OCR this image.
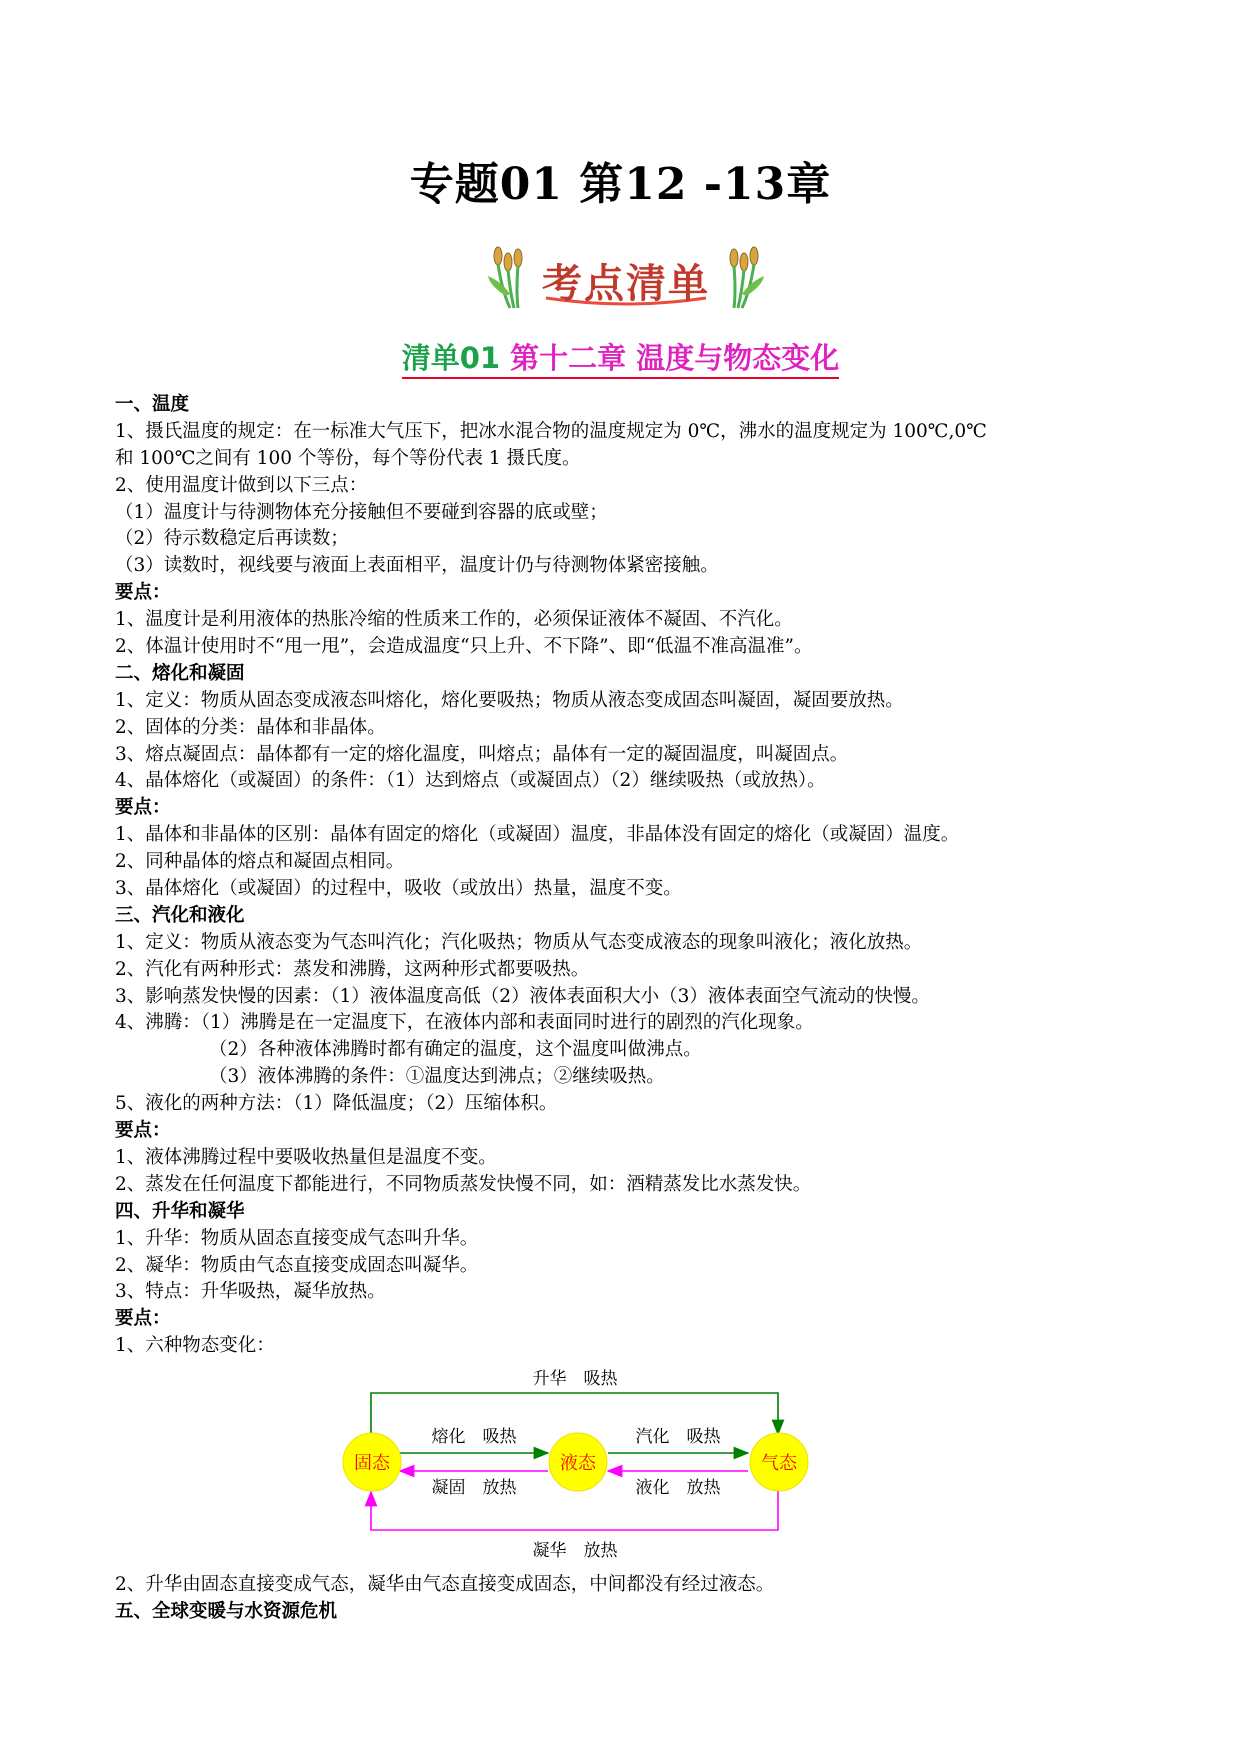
专题01 第12 -13章
考点清单
清单01 第十二章 温度与物态变化
一、温度
1、摄氏温度的规定：在一标准大气压下，把冰水混合物的温度规定为 0℃，沸水的温度规定为 100℃,0℃
和 100℃之间有 100 个等份，每个等份代表 1 摄氏度。
2、使用温度计做到以下三点：
（1）温度计与待测物体充分接触但不要碰到容器的底或壁；
（2）待示数稳定后再读数；
（3）读数时，视线要与液面上表面相平，温度计仍与待测物体紧密接触。
要点：
1、温度计是利用液体的热胀冷缩的性质来工作的，必须保证液体不凝固、不汽化。
2、体温计使用时不“甩一甩”，会造成温度“只上升、不下降”、即“低温不准高温准”。
二、熔化和凝固
1、定义：物质从固态变成液态叫熔化，熔化要吸热；物质从液态变成固态叫凝固，凝固要放热。
2、固体的分类：晶体和非晶体。
3、熔点凝固点：晶体都有一定的熔化温度，叫熔点；晶体有一定的凝固温度，叫凝固点。
4、晶体熔化（或凝固）的条件：（1）达到熔点（或凝固点）（2）继续吸热（或放热）。
要点：
1、晶体和非晶体的区别：晶体有固定的熔化（或凝固）温度，非晶体没有固定的熔化（或凝固）温度。
2、同种晶体的熔点和凝固点相同。
3、晶体熔化（或凝固）的过程中，吸收（或放出）热量，温度不变。
三、汽化和液化
1、定义：物质从液态变为气态叫汽化；汽化吸热；物质从气态变成液态的现象叫液化；液化放热。
2、汽化有两种形式：蒸发和沸腾，这两种形式都要吸热。
3、影响蒸发快慢的因素：（1）液体温度高低（2）液体表面积大小（3）液体表面空气流动的快慢。
4、沸腾：（1）沸腾是在一定温度下，在液体内部和表面同时进行的剧烈的汽化现象。
（2）各种液体沸腾时都有确定的温度，这个温度叫做沸点。
（3）液体沸腾的条件：①温度达到沸点；②继续吸热。
5、液化的两种方法：（1）降低温度；（2）压缩体积。
要点：
1、液体沸腾过程中要吸收热量但是温度不变。
2、蒸发在任何温度下都能进行，不同物质蒸发快慢不同，如：酒精蒸发比水蒸发快。
四、升华和凝华
1、升华：物质从固态直接变成气态叫升华。
2、凝华：物质由气态直接变成固态叫凝华。
3、特点：升华吸热，凝华放热。
要点：
1、六种物态变化：
固态	液态	气态
升华　吸热
熔化　吸热
凝固　放热
汽化　吸热
液化　放热
凝华　放热
2、升华由固态直接变成气态，凝华由气态直接变成固态，中间都没有经过液态。
五、全球变暖与水资源危机
